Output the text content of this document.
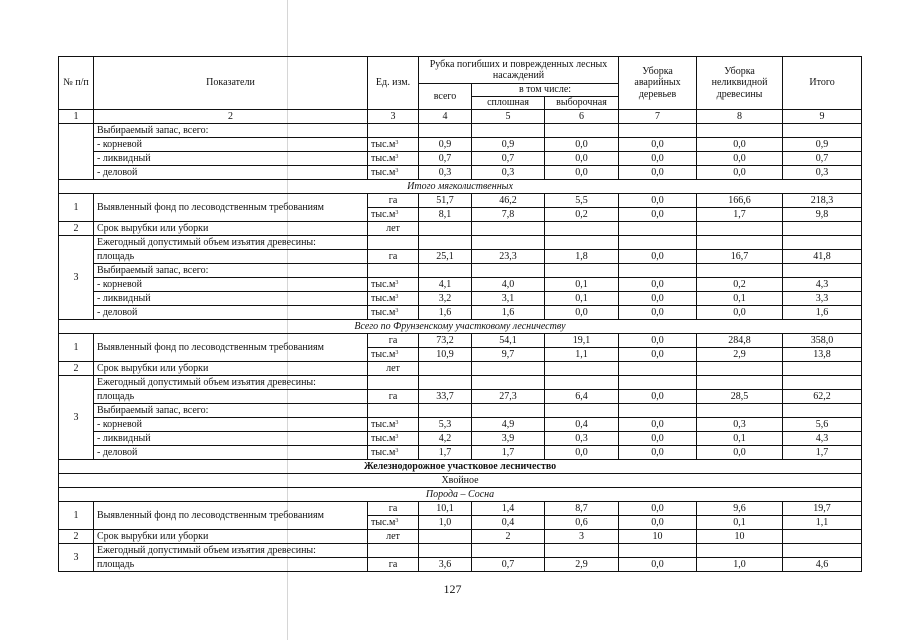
№ п/п	Показатели	Ед. изм.	Рубка погибших и поврежденных лесных насаждений			Уборка аварийных деревьев	Уборка неликвидной древесины	Итого
			всего	в том числе:				
				сплошная	выборочная			
1	2	3	4	5	6	7	8	9
	Выбираемый запас, всего:							
	- корневой	$тыс.м^3$	0,9	0,9	0,0	0,0	0,0	0,9
	- ликвидный	$тыс.м^3$	0,7	0,7	0,0	0,0	0,0	0,7
	- деловой	$тыс.м^3$	0,3	0,3	0,0	0,0	0,0	0,3
Итого мягколиственных								
1	Выявленный фонд по лесоводственным требованиям	га	51,7	46,2	5,5	0,0	166,6	218,3
		$тыс.м^3$	8,1	7,8	0,2	0,0	1,7	9,8
2	Срок вырубки или уборки	лет						
3	Ежегодный допустимый объем изъятия древесины:							
	площадь	га	25,1	23,3	1,8	0,0	16,7	41,8
	Выбираемый запас, всего:							
	- корневой	$тыс.м^3$	4,1	4,0	0,1	0,0	0,2	4,3
	- ликвидный	$тыс.м^3$	3,2	3,1	0,1	0,0	0,1	3,3
	- деловой	$тыс.м^3$	1,6	1,6	0,0	0,0	0,0	1,6
Всего по Фрунзенскому участковому лесничеству								
1	Выявленный фонд по лесоводственным требованиям	га	73,2	54,1	19,1	0,0	284,8	358,0
		$тыс.м^3$	10,9	9,7	1,1	0,0	2,9	13,8
2	Срок вырубки или уборки	лет						
3	Ежегодный допустимый объем изъятия древесины:							
	площадь	га	33,7	27,3	6,4	0,0	28,5	62,2
	Выбираемый запас, всего:							
	- корневой	$тыс.м^3$	5,3	4,9	0,4	0,0	0,3	5,6
	- ликвидный	$тыс.м^3$	4,2	3,9	0,3	0,0	0,1	4,3
	- деловой	$тыс.м^3$	1,7	1,7	0,0	0,0	0,0	1,7
Железнодорожное участковое лесничество								
Хвойное								
Порода – Сосна								
1	Выявленный фонд по лесоводственным требованиям	га	10,1	1,4	8,7	0,0	9,6	19,7
		$тыс.м^3$	1,0	0,4	0,6	0,0	0,1	1,1
2	Срок вырубки или уборки	лет		2	3	10	10	
3	Ежегодный допустимый объем изъятия древесины:							
	площадь	га	3,6	0,7	2,9	0,0	1,0	4,6
127
